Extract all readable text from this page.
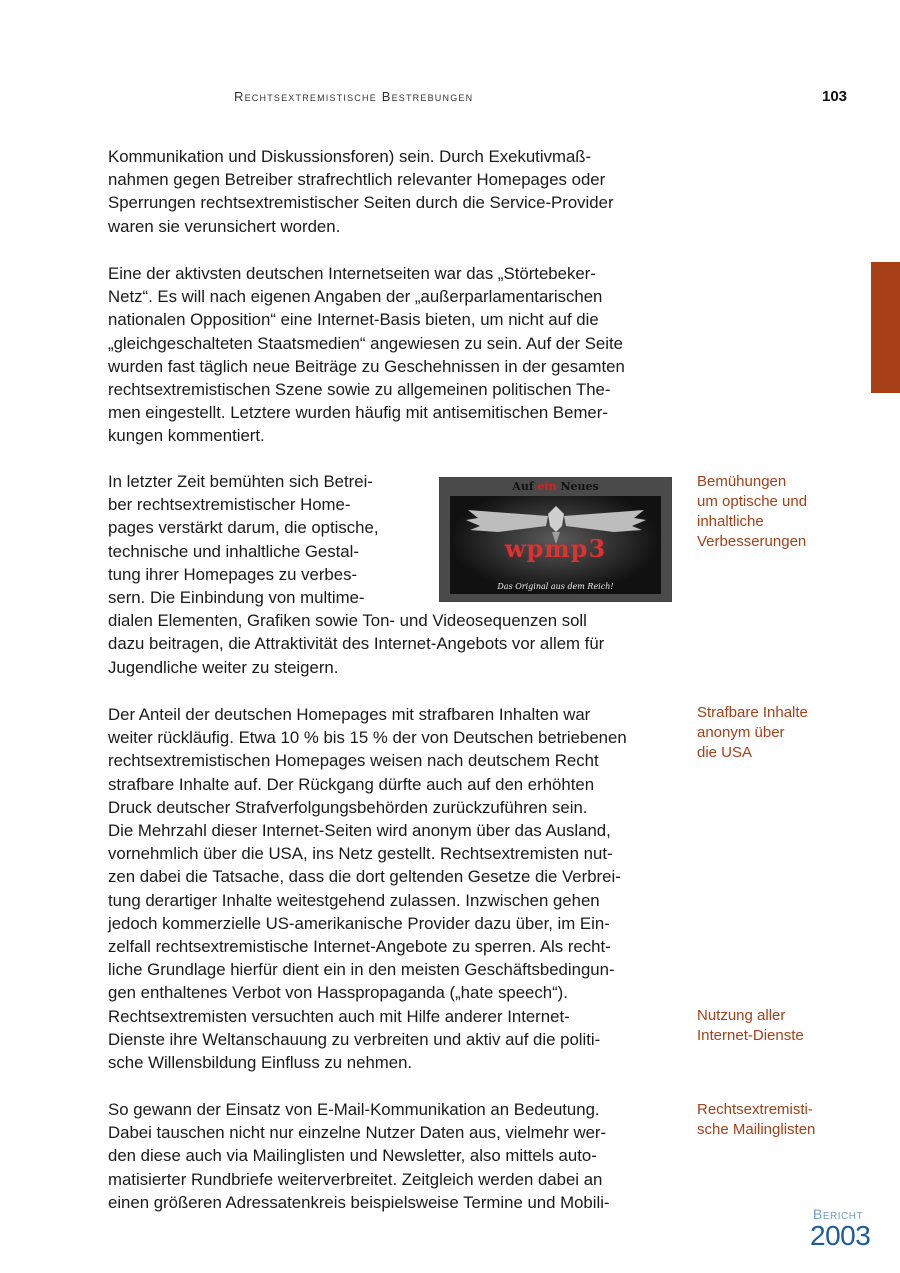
Rechtsextremistische Bestrebungen	103

Kommunikation und Diskussionsforen) sein. Durch Exekutivmaß-
nahmen gegen Betreiber strafrechtlich relevanter Homepages oder
Sperrungen rechtsextremistischer Seiten durch die Service-Provider
waren sie verunsichert worden.

Eine der aktivsten deutschen Internetseiten war das „Störtebeker-
Netz“. Es will nach eigenen Angaben der „außerparlamentarischen
nationalen Opposition“ eine Internet-Basis bieten, um nicht auf die
„gleichgeschalteten Staatsmedien“ angewiesen zu sein. Auf der Seite
wurden fast täglich neue Beiträge zu Geschehnissen in der gesamten
rechtsextremistischen Szene sowie zu allgemeinen politischen The-
men eingestellt. Letztere wurden häufig mit antisemitischen Bemer-
kungen kommentiert.

In letzter Zeit bemühten sich Betrei-
ber rechtsextremistischer Home-
pages verstärkt darum, die optische,
technische und inhaltliche Gestal-
tung ihrer Homepages zu verbes-
sern. Die Einbindung von multime-
dialen Elementen, Grafiken sowie Ton- und Videosequenzen soll
dazu beitragen, die Attraktivität des Internet-Angebots vor allem für
Jugendliche weiter zu steigern.

Auf ein Neues
wpmp3
Das Original aus dem Reich!

Der Anteil der deutschen Homepages mit strafbaren Inhalten war
weiter rückläufig. Etwa 10 % bis 15 % der von Deutschen betriebenen
rechtsextremistischen Homepages weisen nach deutschem Recht
strafbare Inhalte auf. Der Rückgang dürfte auch auf den erhöhten
Druck deutscher Strafverfolgungsbehörden zurückzuführen sein.
Die Mehrzahl dieser Internet-Seiten wird anonym über das Ausland,
vornehmlich über die USA, ins Netz gestellt. Rechtsextremisten nut-
zen dabei die Tatsache, dass die dort geltenden Gesetze die Verbrei-
tung derartiger Inhalte weitestgehend zulassen. Inzwischen gehen
jedoch kommerzielle US-amerikanische Provider dazu über, im Ein-
zelfall rechtsextremistische Internet-Angebote zu sperren. Als recht-
liche Grundlage hierfür dient ein in den meisten Geschäftsbedingun-
gen enthaltenes Verbot von Hasspropaganda („hate speech“).
Rechtsextremisten versuchten auch mit Hilfe anderer Internet-
Dienste ihre Weltanschauung zu verbreiten und aktiv auf die politi-
sche Willensbildung Einfluss zu nehmen.

So gewann der Einsatz von E-Mail-Kommunikation an Bedeutung.
Dabei tauschen nicht nur einzelne Nutzer Daten aus, vielmehr wer-
den diese auch via Mailinglisten und Newsletter, also mittels auto-
matisierter Rundbriefe weiterverbreitet. Zeitgleich werden dabei an
einen größeren Adressatenkreis beispielsweise Termine und Mobili-

Bemühungen
um optische und
inhaltliche
Verbesserungen

Strafbare Inhalte
anonym über
die USA

Nutzung aller
Internet-Dienste

Rechtsextremisti-
sche Mailinglisten

Bericht
2003
